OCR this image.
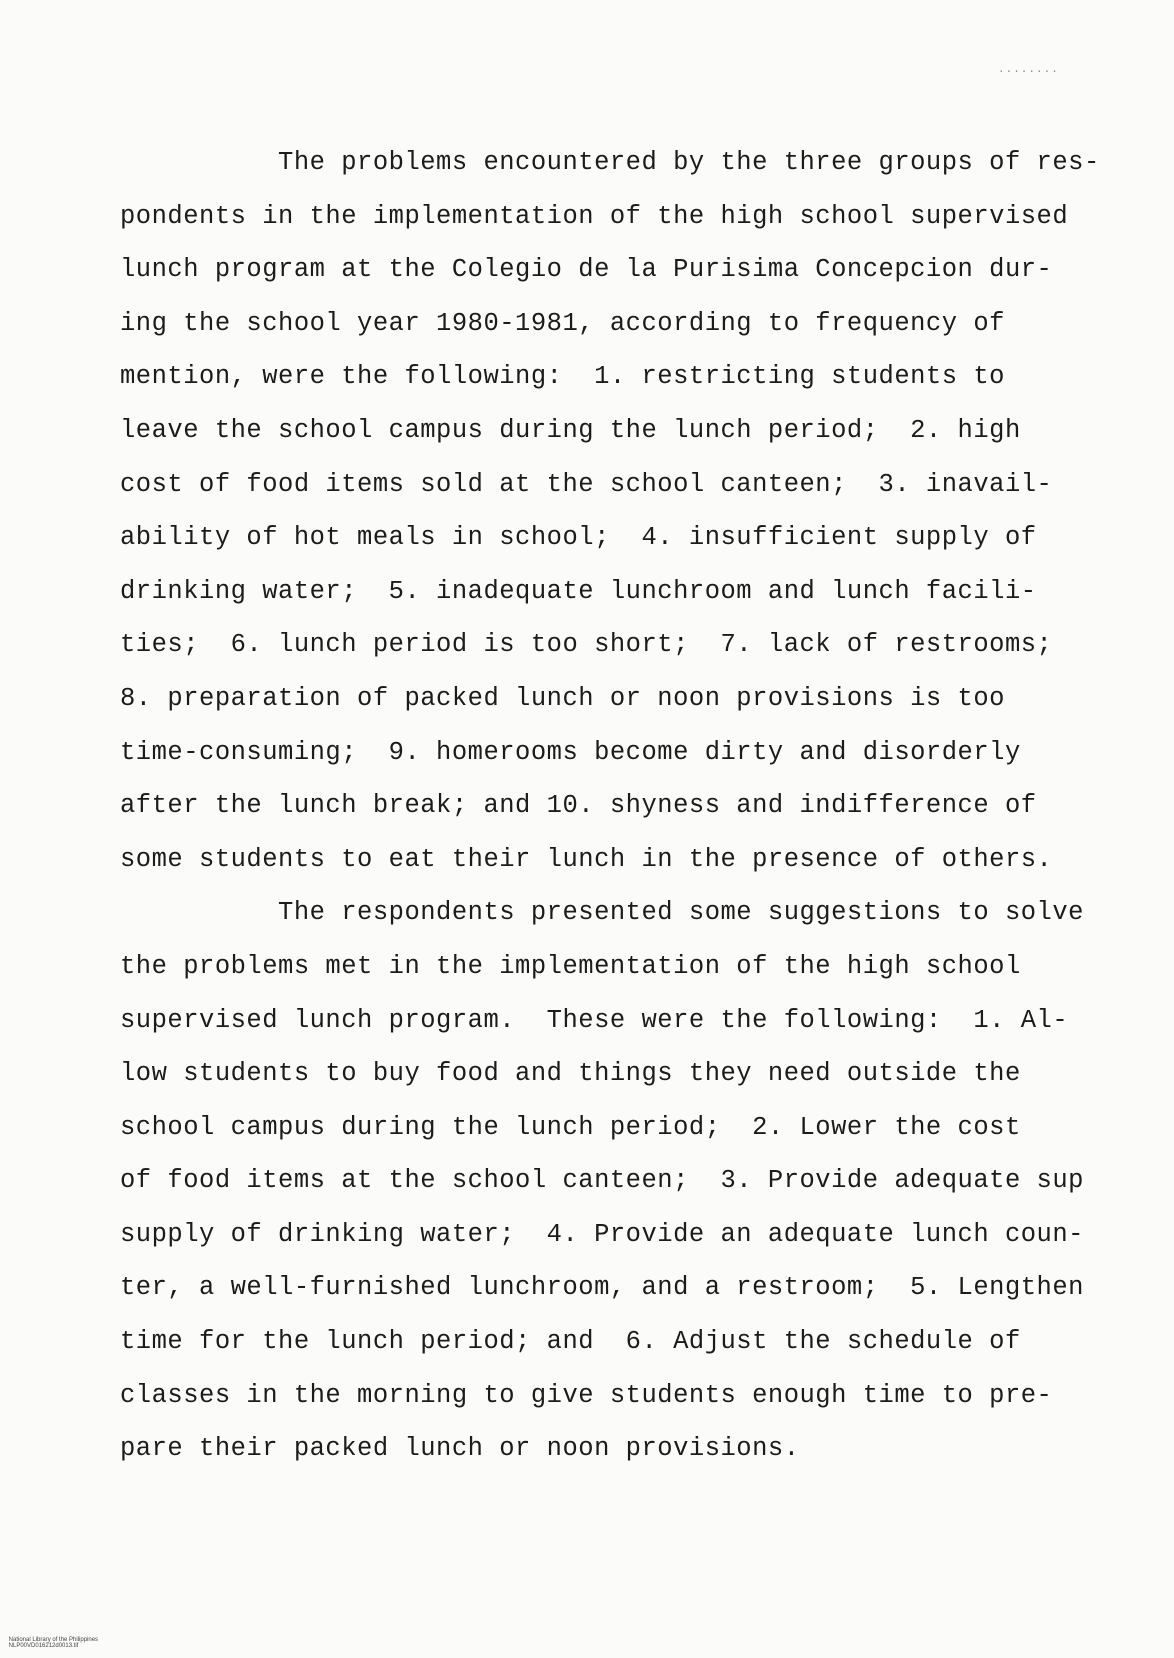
........
The problems encountered by the three groups of res-
pondents in the implementation of the high school supervised
lunch program at the Colegio de la Purisima Concepcion dur-
ing the school year 1980-1981, according to frequency of
mention, were the following:  1. restricting students to
leave the school campus during the lunch period;  2. high
cost of food items sold at the school canteen;  3. inavail-
ability of hot meals in school;  4. insufficient supply of
drinking water;  5. inadequate lunchroom and lunch facili-
ties;  6. lunch period is too short;  7. lack of restrooms;
8. preparation of packed lunch or noon provisions is too
time-consuming;  9. homerooms become dirty and disorderly
after the lunch break; and 10. shyness and indifference of
some students to eat their lunch in the presence of others.
The respondents presented some suggestions to solve
the problems met in the implementation of the high school
supervised lunch program.  These were the following:  1. Al-
low students to buy food and things they need outside the
school campus during the lunch period;  2. Lower the cost
of food items at the school canteen;  3. Provide adequate sup
supply of drinking water;  4. Provide an adequate lunch coun-
ter, a well-furnished lunchroom, and a restroom;  5. Lengthen
time for the lunch period; and  6. Adjust the schedule of
classes in the morning to give students enough time to pre-
pare their packed lunch or noon provisions.

National Library of the Philippines
NLP00VD016212d0013.tif
